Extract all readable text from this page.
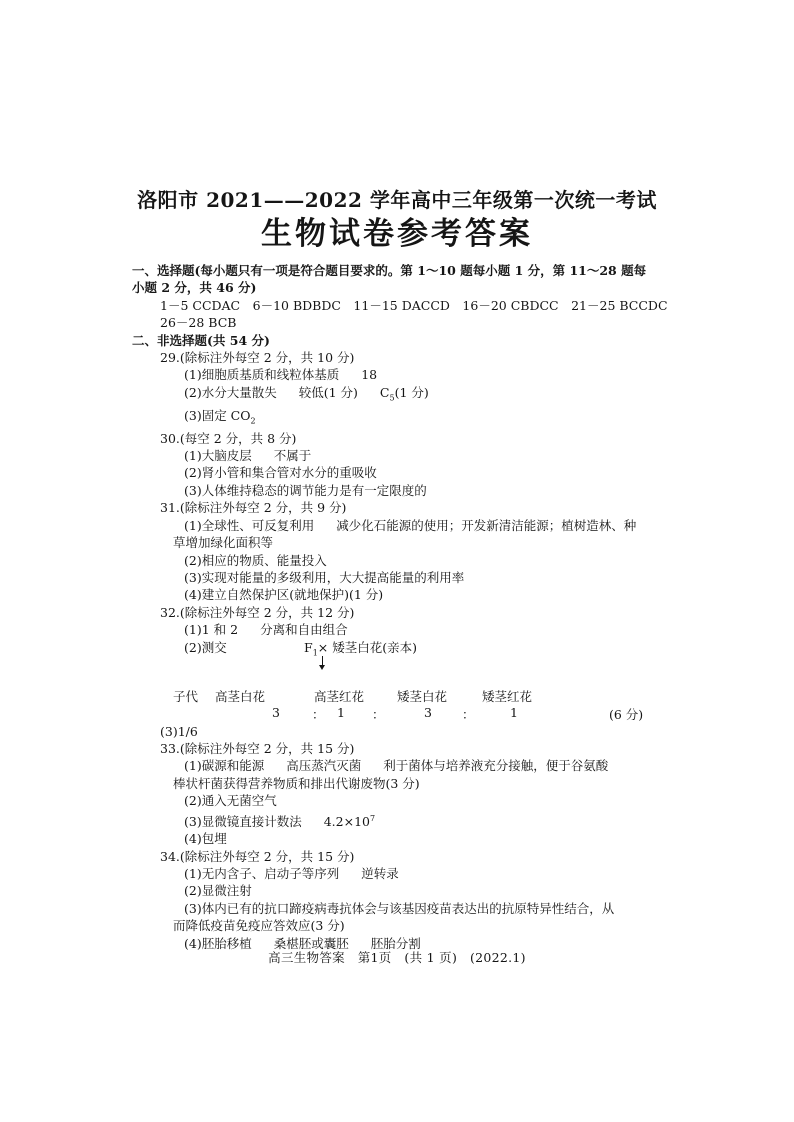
洛阳市 2021——2022 学年高中三年级第一次统一考试
生物试卷参考答案
一、选择题(每小题只有一项是符合题目要求的。第 1～10 题每小题 1 分，第 11～28 题每
小题 2 分，共 46 分)
1－5 CCDAC　6－10 BDBDC　11－15 DACCD　16－20 CBDCC　21－25 BCCDC
26－28 BCB
二、非选择题(共 54 分)
29.(除标注外每空 2 分，共 10 分)
(1)细胞质基质和线粒体基质 18
(2)水分大量散失 较低(1 分) $C_5(1$ 分)
(3)固定 $CO_2$
30.(每空 2 分，共 8 分)
(1)大脑皮层 不属于
(2)肾小管和集合管对水分的重吸收
(3)人体维持稳态的调节能力是有一定限度的
31.(除标注外每空 2 分，共 9 分)
(1)全球性、可反复利用 减少化石能源的使用；开发新清洁能源；植树造林、种
草增加绿化面积等
(2)相应的物质、能量投入
(3)实现对能量的多级利用，大大提高能量的利用率
(4)建立自然保护区(就地保护)(1 分)
32.(除标注外每空 2 分，共 12 分)
(1)1 和 2 分离和自由组合
(2)测交	$F_1\times$ 矮茎白花(亲本)
子代 高茎白花	高茎红花	矮茎白花	矮茎红花
3	： 1 ：	3 ：	1	(6 分)
(3)1/6
33.(除标注外每空 2 分，共 15 分)
(1)碳源和能源 高压蒸汽灭菌 利于菌体与培养液充分接触，便于谷氨酸
棒状杆菌获得营养物质和排出代谢废物(3 分)
(2)通入无菌空气
(3)显微镜直接计数法 $4.2\times 10^7$
(4)包埋
34.(除标注外每空 2 分，共 15 分)
(1)无内含子、启动子等序列 逆转录
(2)显微注射
(3)体内已有的抗口蹄疫病毒抗体会与该基因疫苗表达出的抗原特异性结合，从
而降低疫苗免疫应答效应(3 分)
(4)胚胎移植 桑椹胚或囊胚 胚胎分割
高三生物答案　第1页　(共 1 页)　(2022.1)
